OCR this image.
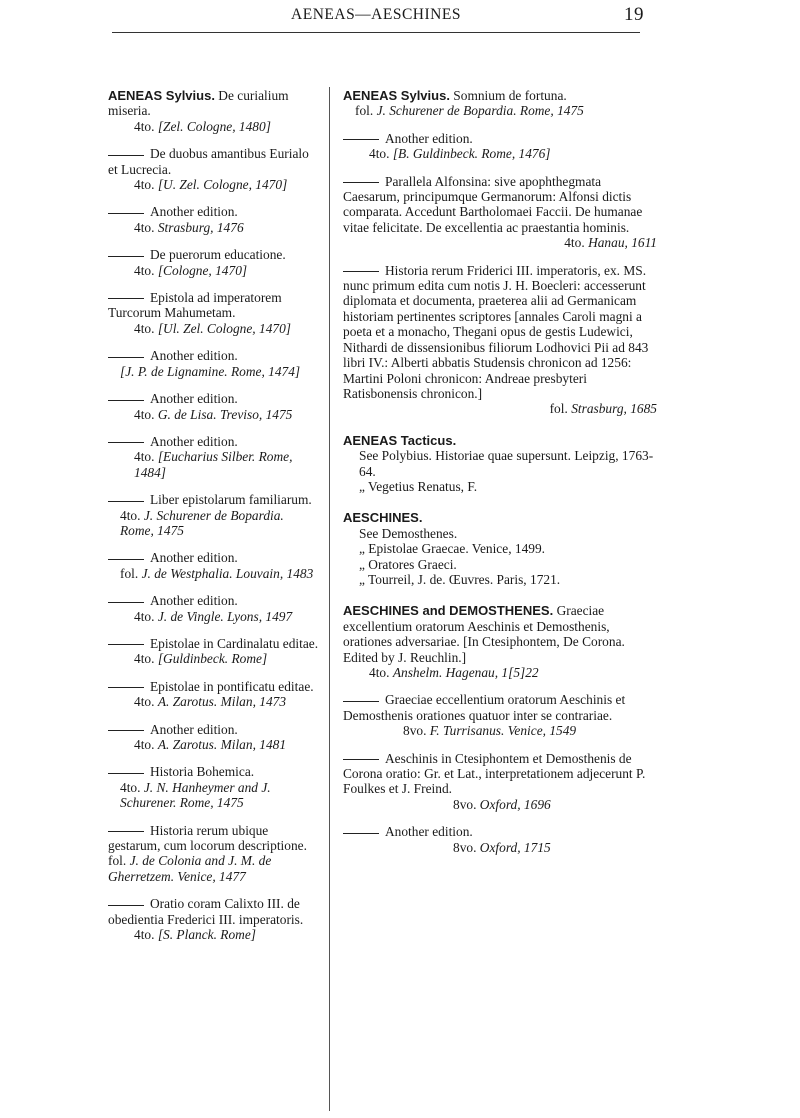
AENEAS—AESCHINES	19

AENEAS Sylvius. De curialium miseria.

4to. [Zel. Cologne, 1480]

De duobus amantibus Eurialo et Lucrecia.

4to. [U. Zel. Cologne, 1470]

Another edition.

4to. Strasburg, 1476

De puerorum educatione.

4to. [Cologne, 1470]

Epistola ad imperatorem Turcorum Mahumetam.

4to. [Ul. Zel. Cologne, 1470]

Another edition.

[J. P. de Lignamine. Rome, 1474]

Another edition.

4to. G. de Lisa. Treviso, 1475

Another edition.

4to. [Eucharius Silber. Rome, 1484]

Liber epistolarum familiarum.

4to. J. Schurener de Bopardia. Rome, 1475

Another edition.

fol. J. de Westphalia. Louvain, 1483

Another edition.

4to. J. de Vingle. Lyons, 1497

Epistolae in Cardinalatu editae.

4to. [Guldinbeck. Rome]

Epistolae in pontificatu editae.

4to. A. Zarotus. Milan, 1473

Another edition.

4to. A. Zarotus. Milan, 1481

Historia Bohemica.

4to. J. N. Hanheymer and J. Schurener. Rome, 1475

Historia rerum ubique gestarum, cum locorum descriptione.

fol. J. de Colonia and J. M. de Gherretzem. Venice, 1477

Oratio coram Calixto III. de obedientia Frederici III. imperatoris.

4to. [S. Planck. Rome]

AENEAS Sylvius. Somnium de fortuna.

fol. J. Schurener de Bopardia. Rome, 1475

Another edition.

4to. [B. Guldinbeck. Rome, 1476]

Parallela Alfonsina: sive apophthegmata Caesarum, principumque Germanorum: Alfonsi dictis comparata. Accedunt Bartholomaei Faccii. De humanae vitae felicitate. De excellentia ac praestantia hominis.

4to. Hanau, 1611

Historia rerum Friderici III. imperatoris, ex. MS. nunc primum edita cum notis J. H. Boecleri: accesserunt diplomata et documenta, praeterea alii ad Germanicam historiam pertinentes scriptores [annales Caroli magni a poeta et a monacho, Thegani opus de gestis Ludewici, Nithardi de dissensionibus filiorum Lodhovici Pii ad 843 libri IV.: Alberti abbatis Studensis chronicon ad 1256: Martini Poloni chronicon: Andreae presbyteri Ratisbonensis chronicon.]

fol. Strasburg, 1685

AENEAS Tacticus.

See Polybius. Historiae quae supersunt. Leipzig, 1763-64.

„ Vegetius Renatus, F.

AESCHINES.

See Demosthenes.

„ Epistolae Graecae. Venice, 1499.

„ Oratores Graeci.

„ Tourreil, J. de. Œuvres. Paris, 1721.

AESCHINES and DEMOSTHENES. Graeciae excellentium oratorum Aeschinis et Demosthenis, orationes adversariae. [In Ctesiphontem, De Corona. Edited by J. Reuchlin.]

4to. Anshelm. Hagenau, 1[5]22

Graeciae eccellentium oratorum Aeschinis et Demosthenis orationes quatuor inter se contrariae.

8vo. F. Turrisanus. Venice, 1549

Aeschinis in Ctesiphontem et Demosthenis de Corona oratio: Gr. et Lat., interpretationem adjecerunt P. Foulkes et J. Freind.

8vo. Oxford, 1696

Another edition.

8vo. Oxford, 1715
